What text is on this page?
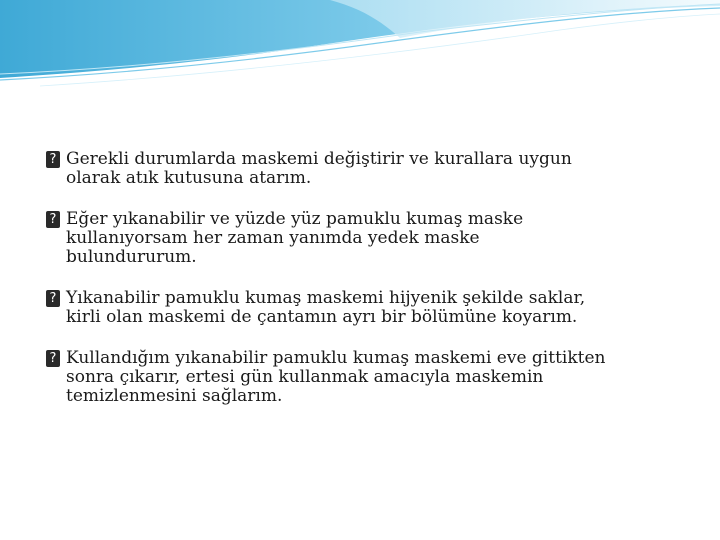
? Gerekli durumlarda maskemi değiştirir ve kurallara uygun
olarak atık kutusuna atarım.
? Eğer yıkanabilir ve yüzde yüz pamuklu kumaş maske
kullanıyorsam her zaman yanımda yedek maske
bulundururum.
? Yıkanabilir pamuklu kumaş maskemi hijyenik şekilde saklar,
kirli olan maskemi de çantamın ayrı bir bölümüne koyarım.
? Kullandığım yıkanabilir pamuklu kumaş maskemi eve gittikten
sonra çıkarır, ertesi gün kullanmak amacıyla maskemin
temizlenmesini sağlarım.
